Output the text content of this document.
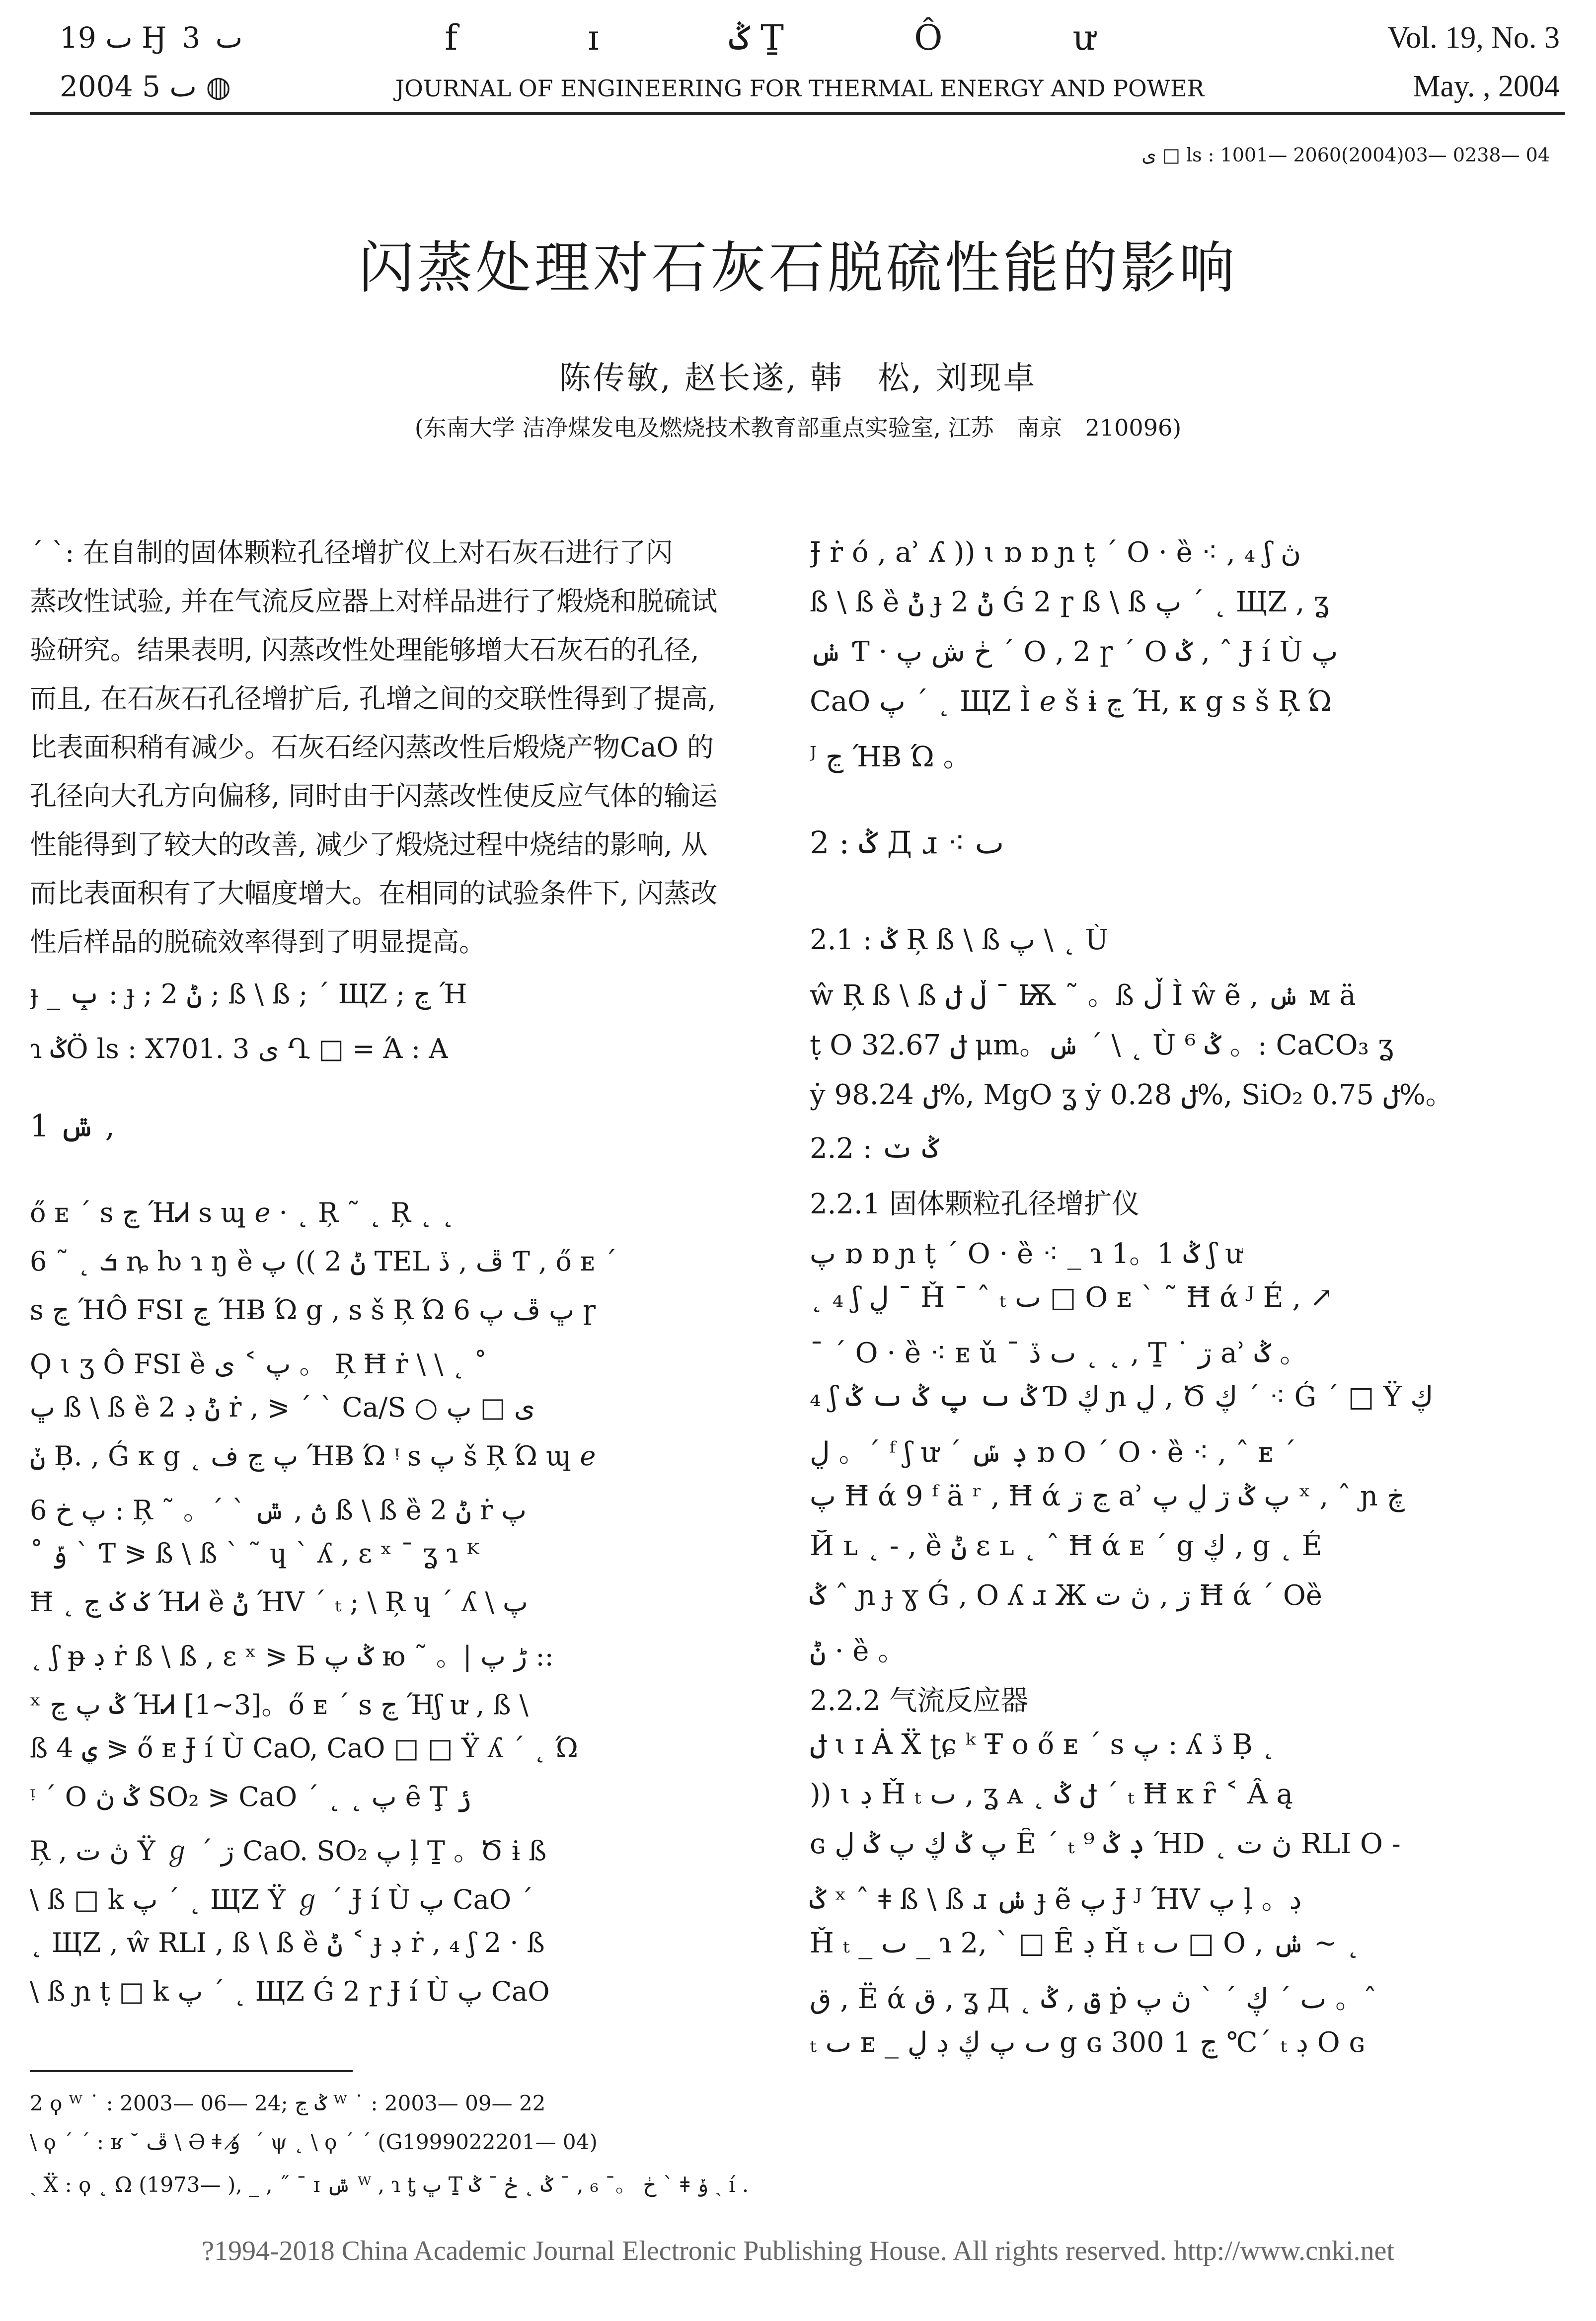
ٮ 19 Ӈ 3 ٮ
2004 ٮ 5 ◍
f ɪ ݣ Ṯ Ô ư
JOURNAL OF ENGINEERING FOR THERMAL ENERGY AND POWER
Vol. 19, No. 3
May. , 2004
ی □ ls : 1001— 2060(2004)03— 0238— 04
闪蒸处理对石灰石脱硫性能的影响
陈传敏, 赵长遂, 韩　松, 刘现卓
(东南大学 洁净煤发电及燃烧技术教育部重点实验室, 江苏　南京　210096)
ˊ ˋ: 在自制的固体颗粒孔径增扩仪上对石灰石进行了闪
蒸改性试验, 并在气流反应器上对样品进行了煅烧和脱硫试
验研究。结果表明, 闪蒸改性处理能够增大石灰石的孔径,
而且, 在石灰石孔径增扩后, 孔增之间的交联性得到了提高,
比表面积稍有减少。石灰石经闪蒸改性后煅烧产物CaO 的
孔径向大孔方向偏移, 同时由于闪蒸改性使反应气体的输运
性能得到了较大的改善, 减少了煅烧过程中烧结的影响, 从
而比表面积有了大幅度增大。在相同的试验条件下, 闪蒸改
性后样品的脱硫效率得到了明显提高。
ɟ _ ݒ : ɟ ; 2 ݨ ; ß \ ß ; ˊ ЩZ ; ڃ Ή
ɿ ݣÖ ls : X701. 3 ی Ղ □ = Ά : A
1 ݜ ,
ő ᴇ ˊ ꜱ ڃ ΉᏗ s ɰ ℯ · ˛ Ŗ ˜ ˛ Ŗ ˛ ˛
6 ˜ ˛ ܭ ȵ ƕ ɿ ŋ ȅ ݨ 2 )) پ TEL ڦ , ڏ Ƭ , ő ᴇ ˊ
ꜱ ڃ ΉÔ FSI ڃ ΉɃ Ώ g , ꜱ š Ŗ Ώ 6 ڀ ڦ پ ɼ
Ϙ ɩ ʒ Ô FSI ȅ پ ˂ ی 。 Ŗ Ħ ṙ \ \ ˛ ˚
ڀ ß \ ß ȅ 2 ݨ ڊ ṙ , ⪖ ˊ ˋ Ca/S ○ ی □ پ
ݩ Ḅ. , Ǵ ᴋ g ˛ پ ڃ ف ΉɃ Ώ ᵎ ꜱ پ š Ŗ Ώ ɰ ℯ
6 پ خ : Ŗ ˜ 。ˊ ˋ ڽ , ݜ ß \ ß ȅ 2 ݨ ṙ پ
˚ ݹ ˋ Ƭ ⪖ ß \ ß ˋ ˜ ɥ ˋ ʎ , ɛ ˣ ˉ ʓ ɿ ᴷ
Ħ ˛ ݢ ݢ ڃ ΉᏗ ȅ ݨ ΉV ˊ ₜ ; \ Ŗ ɥ ˊ ʎ \ پ
˛ ʃ ᵽ ڊ ṙ ß \ ß , ɛ ˣ ⪖ Ƃ ݣ پ ю ˜ 。| ڑ پ ::
ˣ ݣ پ ڃ ΉᏗ [1~3]。ő ᴇ ˊ ꜱ ڃ Ήʃ ư , ß \
ß 4 ݷ ⪖ ő ᴇ Ɉ í Ù CaO, CaO □ □ Ÿ ʎ ˊ ˛ Ώ
ᵎ ˊ O ݣ ڽ SO₂ ⪖ CaO ˊ ˛ ˛ پ ȇ Ţ ݬ
Ŗ , ڽ ت Ÿ ℊ ˊ ڗ CaO. SO₂ پ ļ Ṯ 。Ծ ɨ ß
\ ß □ k پ ˊ ˛ ЩZ Ÿ ℊ ˊ Ɉ í Ù پ CaO ˊ
˛ ЩZ , ŵ RLI , ß \ ß ȅ ݨ ˂ ɟ ڊ ṙ , ₄ ʃ 2 · ß
\ ß ɲ ṭ □ k پ ˊ ˛ ЩZ Ǵ 2 ɼ Ɉ í Ù پ CaO
Ɉ ṙ ó , ẚ ʎ )) ɩ ɒ ɒ ɲ ṭ ˊ O · ȅ ⁖ , ₄ ʃ ڽ
ß \ ß ȅ ݨ ɟ 2 ݨ Ǵ 2 ɼ ß \ ß پ ˊ ˛ ЩZ , ʓ
ݭ Ƭ · ڂ ش پ ˊ O , 2 ɼ ˊ O ݣ , ˆ Ɉ í Ù پ
CaO پ ˊ ˛ ЩZ Ì ℯ š ɨ ڃ Ή, ᴋ g ꜱ š Ŗ Ώ
ᴶ ڃ ΉɃ Ώ 。
2 : ݣ Д ɹ ⁖ ٮ
2.1 : ݣ Ŗ ß \ ß پ \ ˛ Ù
ŵ Ŗ ß \ ß ڵ ݪ ˉ Ѭ ˜ 。ß ڵ Ì ŵ ẽ , ݭ ᴍ ä
ṭ O ݪ 32.67 μm。ݭ ˊ \ ˛ Ù ݣ ⁶ 。: CaCO₃ ʓ
ẏ ݪ 98.24%, MgO ʓ ẏ ݪ 0.28%, SiO₂ ݪ 0.75%。
2.2 : ݣ ݖ
2.2.1 固体颗粒孔径增扩仪
پ ɒ ɒ ɲ ṭ ˊ O · ȅ ⁖ _ ɿ 1。1 ݣ ʃ ư
˛ ₄ ʃ ڸ ˉ Ȟ ˉ ˆ ₜ ٮ □ O ᴇ ˋ ˜ Ħ ά ᴶ É , ↗
ˉ ˊ O · ȅ ⁖ ᴇ ǔ ˉ ٮ ڏ ˛ ˛ , Ṯ ˙ ڗ ẚ ݣ 。
₄ ʃ ݣ ٮ پ ݣ ٮ ݣ Ɗ ڮ ɲ ڸ , Ծ ڮ ˊ ⁖ Ǵ ˊ □ Ÿ ڮ
ڸ 。ˊ ᶠ ʃ ư ˊ ڊ ݽ ɒ O ˊ O · ȅ ⁖ , ˆ ᴇ ˊ
پ Ħ ά 9 ᶠ ä ʳ , Ħ ά ڃ ڗ ẚ پ ݣ ڗ ڸ پ ˣ , ˆ ɲ ڿ
Й ʟ ˛ - , ȅ ݨ ɛ ʟ ˛ ˆ Ħ ά ᴇ ˊ g ڮ , g ˛ É
ݣ ˆ ɲ ɟ ɣ Ǵ , O ʎ ɹ Ж ڗ , ڽ ت Ħ ά ˊ Oȅ
ݨ · ȅ 。
2.2.2 气流反应器
ݪ ɩ ɪ Ȧ Ẍ ʈɕ ᵏ Ŧ o ő ᴇ ˊ ꜱ پ : ʎ ڏ Ḅ ˛
)) ɩ ڊ Ȟ ₜ ٮ , ʓ ᴀ ˛ ݪ ݣ ˊ ₜ Ħ ᴋ ȓ ˂ Â ą
ɢ پ ݣ ڮ پ ݣ ڸ Ȇ ˊ ₜ ڊ ݣ ⁹ ΉD ˛ ڽ ت RLI O ˗
ݣ ˣ ˆ ǂ ß \ ß ɹ ݭ ɟ ẽ پ Ɉ ᴶ ΉV پ ļ 。ڊ
Ȟ ₜ _ ٮ _ ɿ 2, ˋ □ Ȇ ڊ Ȟ ₜ ٮ □ O , ݭ ~ ˛
ق , Ë ά ق , ʓ Д ˛ ق , ݣ ṗ ٮ ˊ ڮ ˊ ˋ ڽ پ 。ˆ
ₜ ٮ ᴇ _ ٮ پ ڮ ڊ ڸ g ɢ ڃ 1 300 ℃ˊ ₜ ڊ O ɢ
2 ϙ ᵂ ˙ : 2003— 06— 24; ݣ ڃ ᵂ ˙ : 2003— 09— 22
\ ϙ ˊ ˊ : ʁ ˘ ڦ \ Ə ǂ ݸ ̸ ˊ ψ ˛ \ ϙ ˊ ˊ (G1999022201— 04)
ˏ Ẍ : ϙ ˛ Ω (1973— ), _ , ˝ ˉ ɪ ݜ ᵂ , ɿ ƫ ڀ Ṯ ڂ 。ˉ ₆ , ˉ ݣ ˛ ڂ ˉ ݣ ˋ ǂ ݸ ˏ í .
?1994-2018 China Academic Journal Electronic Publishing House. All rights reserved. http://www.cnki.net
